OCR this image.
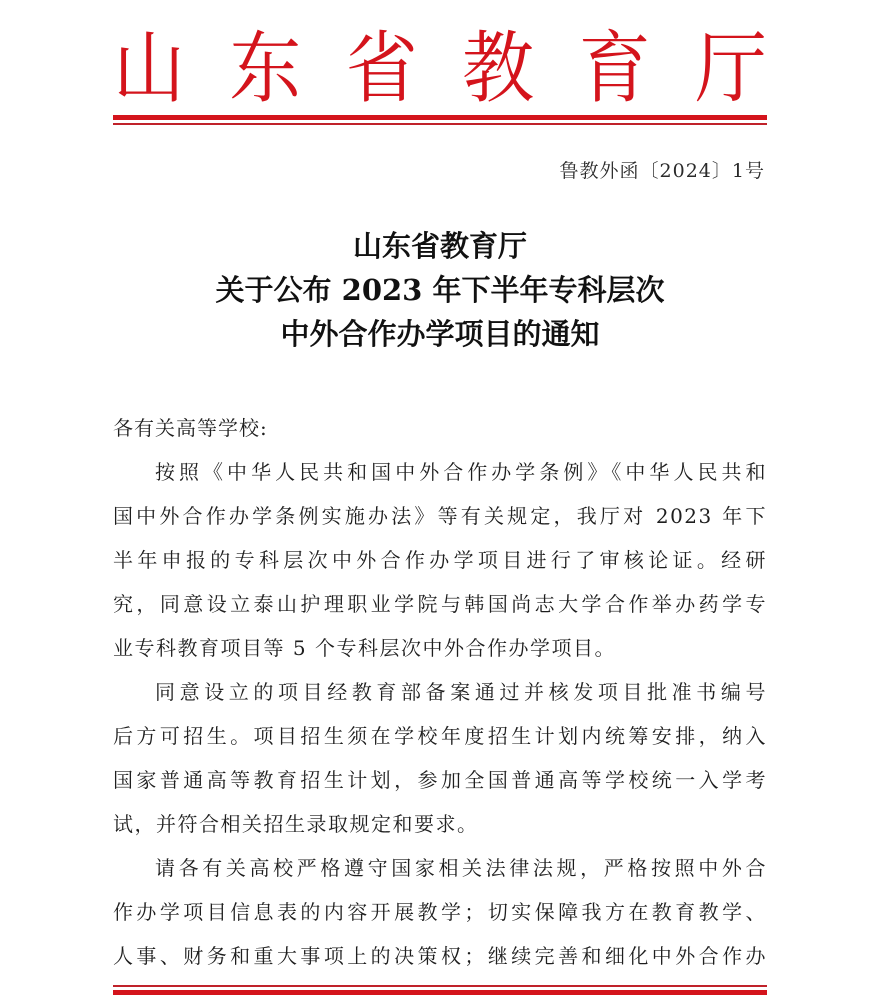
山 东 省 教 育 厅
鲁教外函〔2024〕1号
山东省教育厅
关于公布 2023 年下半年专科层次
中外合作办学项目的通知
各有关高等学校:
按照《中华人民共和国中外合作办学条例》《中华人民共和
国中外合作办学条例实施办法》等有关规定，我厅对 2023 年下
半年申报的专科层次中外合作办学项目进行了审核论证。经研
究，同意设立泰山护理职业学院与韩国尚志大学合作举办药学专
业专科教育项目等 5 个专科层次中外合作办学项目。
同意设立的项目经教育部备案通过并核发项目批准书编号
后方可招生。项目招生须在学校年度招生计划内统筹安排，纳入
国家普通高等教育招生计划，参加全国普通高等学校统一入学考
试，并符合相关招生录取规定和要求。
请各有关高校严格遵守国家相关法律法规，严格按照中外合
作办学项目信息表的内容开展教学；切实保障我方在教育教学、
人事、财务和重大事项上的决策权；继续完善和细化中外合作办
